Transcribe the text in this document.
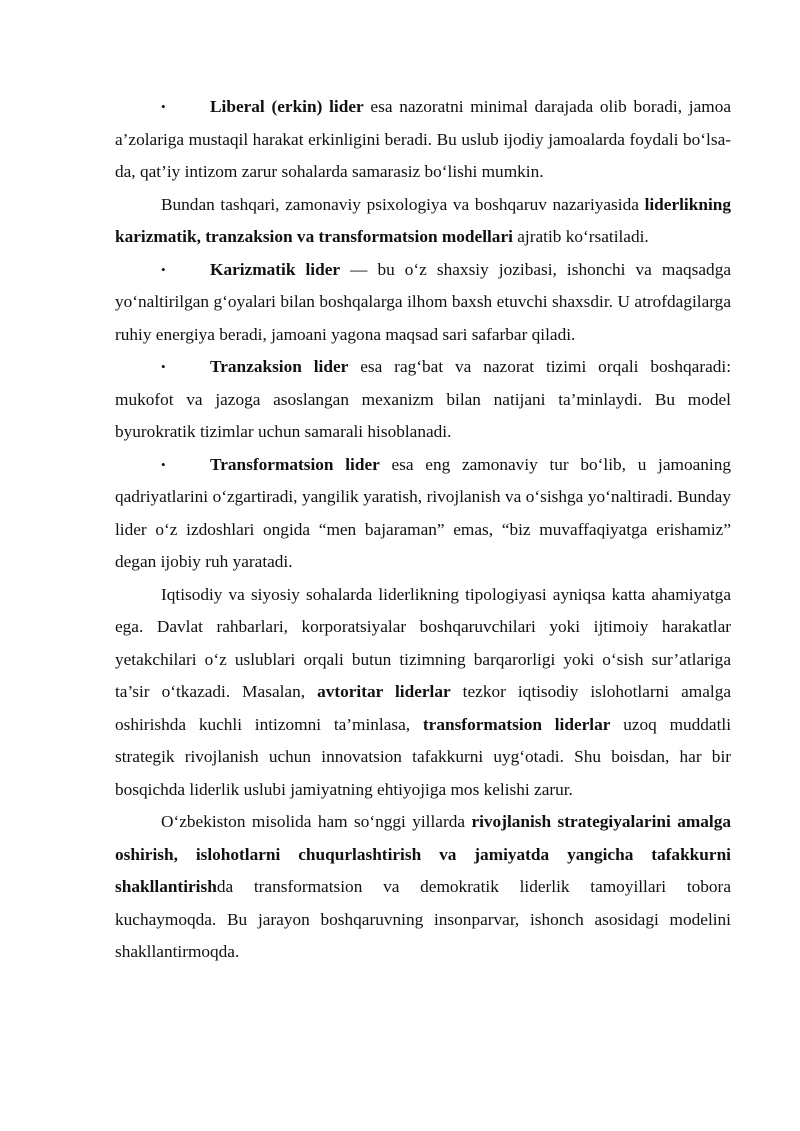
•	Liberal (erkin) lider esa nazoratni minimal darajada olib boradi, jamoa a’zolariga mustaqil harakat erkinligini beradi. Bu uslub ijodiy jamoalarda foydali bo‘lsa-da, qat’iy intizom zarur sohalarda samarasiz bo‘lishi mumkin.

Bundan tashqari, zamonaviy psixologiya va boshqaruv nazariyasida liderlikning karizmatik, tranzaksion va transformatsion modellari ajratib ko‘rsatiladi.

•	Karizmatik lider — bu o‘z shaxsiy jozibasi, ishonchi va maqsadga yo‘naltirilgan g‘oyalari bilan boshqalarga ilhom baxsh etuvchi shaxsdir. U atrofdagilarga ruhiy energiya beradi, jamoani yagona maqsad sari safarbar qiladi.

•	Tranzaksion lider esa rag‘bat va nazorat tizimi orqali boshqaradi: mukofot va jazoga asoslangan mexanizm bilan natijani ta’minlaydi. Bu model byurokratik tizimlar uchun samarali hisoblanadi.

•	Transformatsion lider esa eng zamonaviy tur bo‘lib, u jamoaning qadriyatlarini o‘zgartiradi, yangilik yaratish, rivojlanish va o‘sishga yo‘naltiradi. Bunday lider o‘z izdoshlari ongida “men bajaraman” emas, “biz muvaffaqiyatga erishamiz” degan ijobiy ruh yaratadi.

Iqtisodiy va siyosiy sohalarda liderlikning tipologiyasi ayniqsa katta ahamiyatga ega. Davlat rahbarlari, korporatsiyalar boshqaruvchilari yoki ijtimoiy harakatlar yetakchilari o‘z uslublari orqali butun tizimning barqarorligi yoki o‘sish sur’atlariga ta’sir o‘tkazadi. Masalan, avtoritar liderlar tezkor iqtisodiy islohotlarni amalga oshirishda kuchli intizomni ta’minlasa, transformatsion liderlar uzoq muddatli strategik rivojlanish uchun innovatsion tafakkurni uyg‘otadi. Shu boisdan, har bir bosqichda liderlik uslubi jamiyatning ehtiyojiga mos kelishi zarur.

O‘zbekiston misolida ham so‘nggi yillarda rivojlanish strategiyalarini amalga oshirish, islohotlarni chuqurlashtirish va jamiyatda yangicha tafakkurni shakllantirishda transformatsion va demokratik liderlik tamoyillari tobora kuchaymoqda. Bu jarayon boshqaruvning insonparvar, ishonch asosidagi modelini shakllantirmoqda.
